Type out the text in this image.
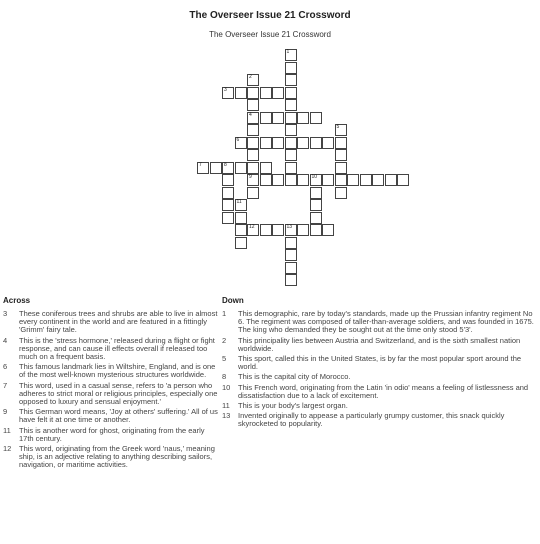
The Overseer Issue 21 Crossword
The Overseer Issue 21 Crossword
1
2
4
9
3
5
6
7	8
10
11
12	13
Across
3	These coniferous trees and shrubs are able to live in almost every continent in the world and are featured in a fittingly 'Grimm' fairy tale.
4	This is the 'stress hormone,' released during a flight or fight response, and can cause ill effects overall if released too much on a frequent basis.
6	This famous landmark lies in Wiltshire, England, and is one of the most well-known mysterious structures worldwide.
7	This word, used in a casual sense, refers to 'a person who adheres to strict moral or religious principles, especially one opposed to luxury and sensual enjoyment.'
9	This German word means, 'Joy at others' suffering.' All of us have felt it at one time or another.
11	This is another word for ghost, originating from the early 17th century.
12	This word, originating from the Greek word 'naus,' meaning ship, is an adjective relating to anything describing sailors, navigation, or maritime activities.
Down
1	This demographic, rare by today's standards, made up the Prussian infantry regiment No 6. The regiment was composed of taller-than-average soldiers, and was founded in 1675. The king who demanded they be sought out at the time only stood 5'3'.
2	This principality lies between Austria and Switzerland, and is the sixth smallest nation worldwide.
5	This sport, called this in the United States, is by far the most popular sport around the world.
8	This is the capital city of Morocco.
10	This French word, originating from the Latin 'in odio' means a feeling of listlessness and dissatisfaction due to a lack of excitement.
11	This is your body's largest organ.
13	Invented originally to appease a particularly grumpy customer, this snack quickly skyrocketed to popularity.
